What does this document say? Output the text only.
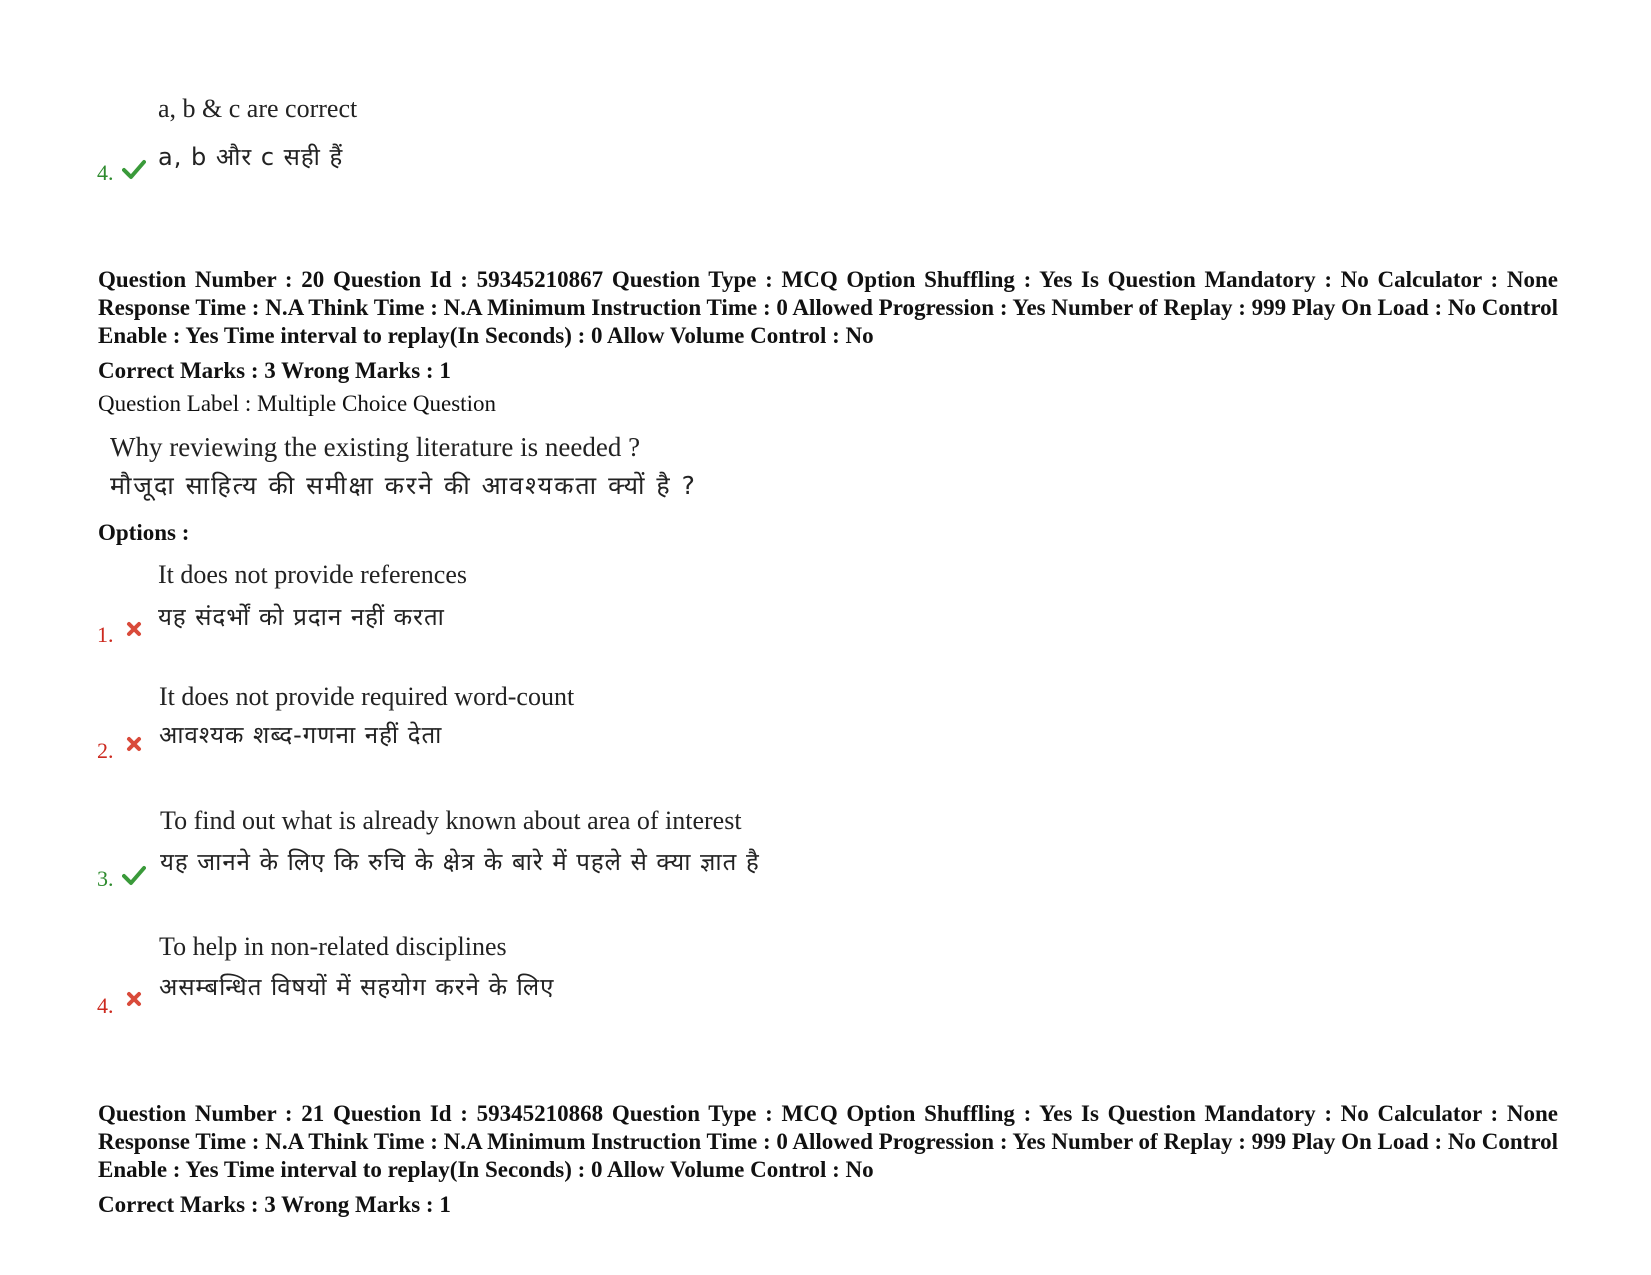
a, b & c are correct
a, b और c सही हैं
4.
Question Number : 20 Question Id : 59345210867 Question Type : MCQ Option Shuffling : Yes Is Question Mandatory : No Calculator : None Response Time : N.A Think Time : N.A Minimum Instruction Time : 0 Allowed Progression : Yes Number of Replay : 999 Play On Load : No Control Enable : Yes Time interval to replay(In Seconds) : 0 Allow Volume Control : No
Correct Marks : 3 Wrong Marks : 1
Question Label : Multiple Choice Question
Why reviewing the existing literature is needed ?
मौजूदा साहित्य की समीक्षा करने की आवश्यकता क्यों है ?
Options :
It does not provide references
यह संदर्भों को प्रदान नहीं करता
1.
It does not provide required word-count
आवश्यक शब्द-गणना नहीं देता
2.
To find out what is already known about area of interest
यह जानने के लिए कि रुचि के क्षेत्र के बारे में पहले से क्या ज्ञात है
3.
To help in non-related disciplines
असम्बन्धित विषयों में सहयोग करने के लिए
4.
Question Number : 21 Question Id : 59345210868 Question Type : MCQ Option Shuffling : Yes Is Question Mandatory : No Calculator : None Response Time : N.A Think Time : N.A Minimum Instruction Time : 0 Allowed Progression : Yes Number of Replay : 999 Play On Load : No Control Enable : Yes Time interval to replay(In Seconds) : 0 Allow Volume Control : No
Correct Marks : 3 Wrong Marks : 1
